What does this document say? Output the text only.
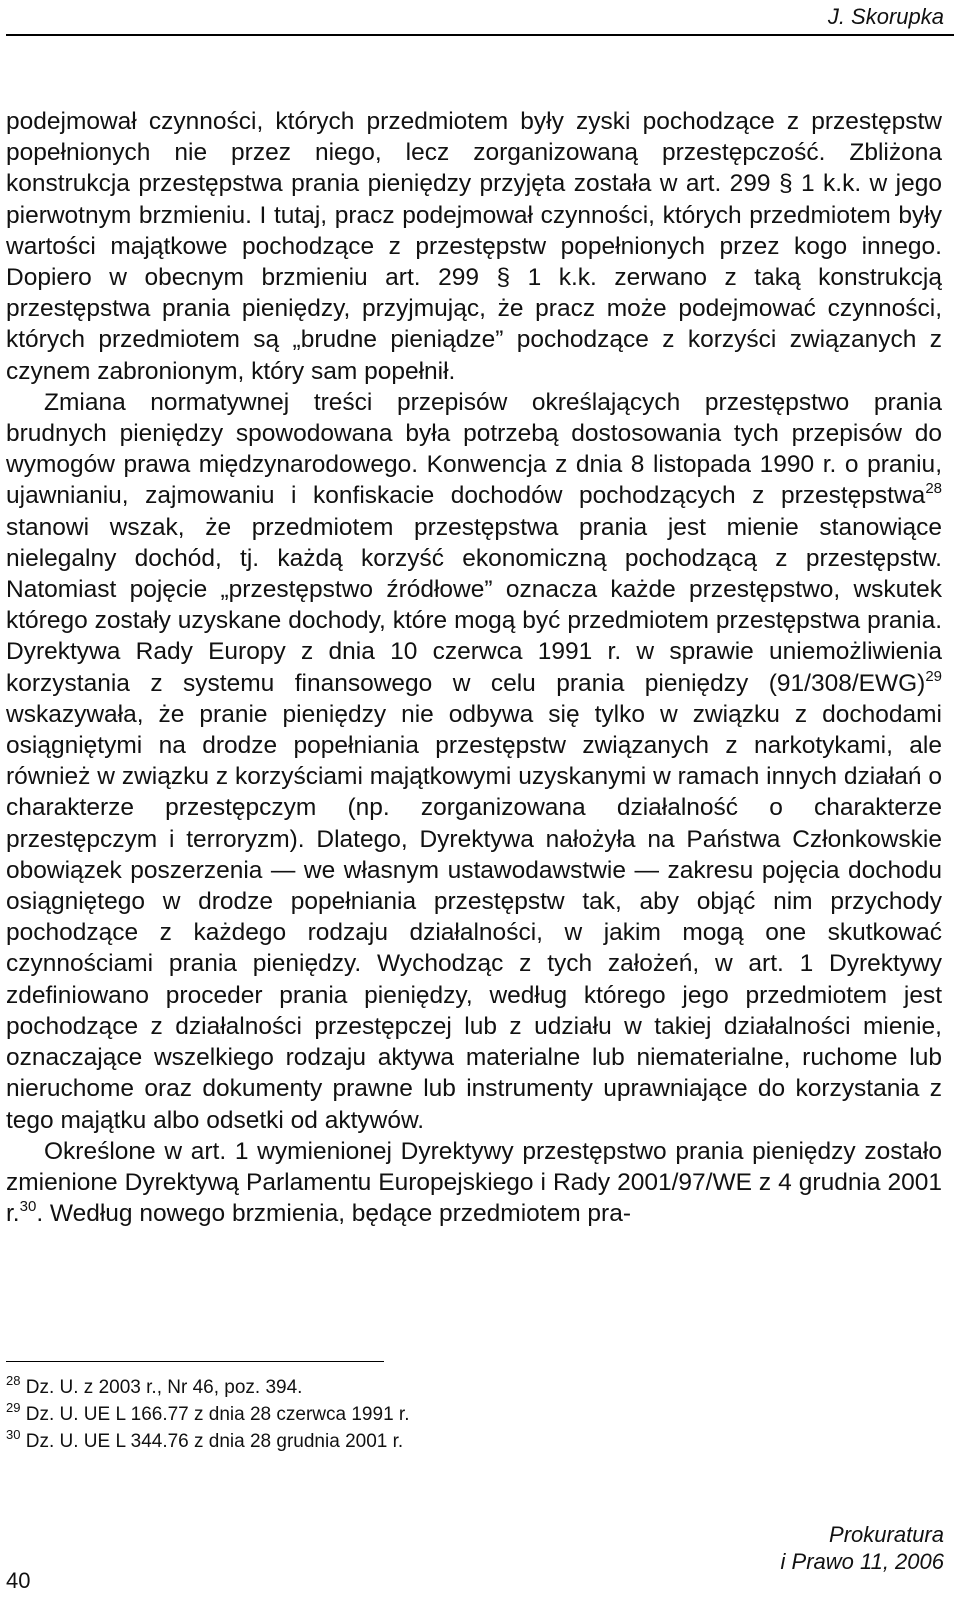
J. Skorupka

podejmował czynności, których przedmiotem były zyski pochodzące z przestępstw popełnionych nie przez niego, lecz zorganizowaną przestępczość. Zbliżona konstrukcja przestępstwa prania pieniędzy przyjęta została w art. 299 § 1 k.k. w jego pierwotnym brzmieniu. I tutaj, pracz podejmował czynności, których przedmiotem były wartości majątkowe pochodzące z przestępstw popełnionych przez kogo innego. Dopiero w obecnym brzmieniu art. 299 § 1 k.k. zerwano z taką konstrukcją przestępstwa prania pieniędzy, przyjmując, że pracz może podejmować czynności, których przedmiotem są „brudne pieniądze” pochodzące z korzyści związanych z czynem zabronionym, który sam popełnił.

Zmiana normatywnej treści przepisów określających przestępstwo prania brudnych pieniędzy spowodowana była potrzebą dostosowania tych przepisów do wymogów prawa międzynarodowego. Konwencja z dnia 8 listopada 1990 r. o praniu, ujawnianiu, zajmowaniu i konfiskacie dochodów pochodzących z przestępstwa$^{28}$ stanowi wszak, że przedmiotem przestępstwa prania jest mienie stanowiące nielegalny dochód, tj. każdą korzyść ekonomiczną pochodzącą z przestępstw. Natomiast pojęcie „przestępstwo źródłowe” oznacza każde przestępstwo, wskutek którego zostały uzyskane dochody, które mogą być przedmiotem przestępstwa prania. Dyrektywa Rady Europy z dnia 10 czerwca 1991 r. w sprawie uniemożliwienia korzystania z systemu finansowego w celu prania pieniędzy $(91/308/EWG)^{29}$ wskazywała, że pranie pieniędzy nie odbywa się tylko w związku z dochodami osiągniętymi na drodze popełniania przestępstw związanych z narkotykami, ale również w związku z korzyściami majątkowymi uzyskanymi w ramach innych działań o charakterze przestępczym (np. zorganizowana działalność o charakterze przestępczym i terroryzm). Dlatego, Dyrektywa nałożyła na Państwa Członkowskie obowiązek poszerzenia — we własnym ustawodawstwie — zakresu pojęcia dochodu osiągniętego w drodze popełniania przestępstw tak, aby objąć nim przychody pochodzące z każdego rodzaju działalności, w jakim mogą one skutkować czynnościami prania pieniędzy. Wychodząc z tych założeń, w art. 1 Dyrektywy zdefiniowano proceder prania pieniędzy, według którego jego przedmiotem jest pochodzące z działalności przestępczej lub z udziału w takiej działalności mienie, oznaczające wszelkiego rodzaju aktywa materialne lub niematerialne, ruchome lub nieruchome oraz dokumenty prawne lub instrumenty uprawniające do korzystania z tego majątku albo odsetki od aktywów.

Określone w art. 1 wymienionej Dyrektywy przestępstwo prania pieniędzy zostało zmienione Dyrektywą Parlamentu Europejskiego i Rady 2001/97/WE z 4 grudnia 2001 r.$^{30}$. Według nowego brzmienia, będące przedmiotem pra-

$^{28}$ Dz. U. z 2003 r., Nr 46, poz. 394.
$^{29}$ Dz. U. UE L 166.77 z dnia 28 czerwca 1991 r.
$^{30}$ Dz. U. UE L 344.76 z dnia 28 grudnia 2001 r.
40
Prokuratura
i Prawo 11, 2006
